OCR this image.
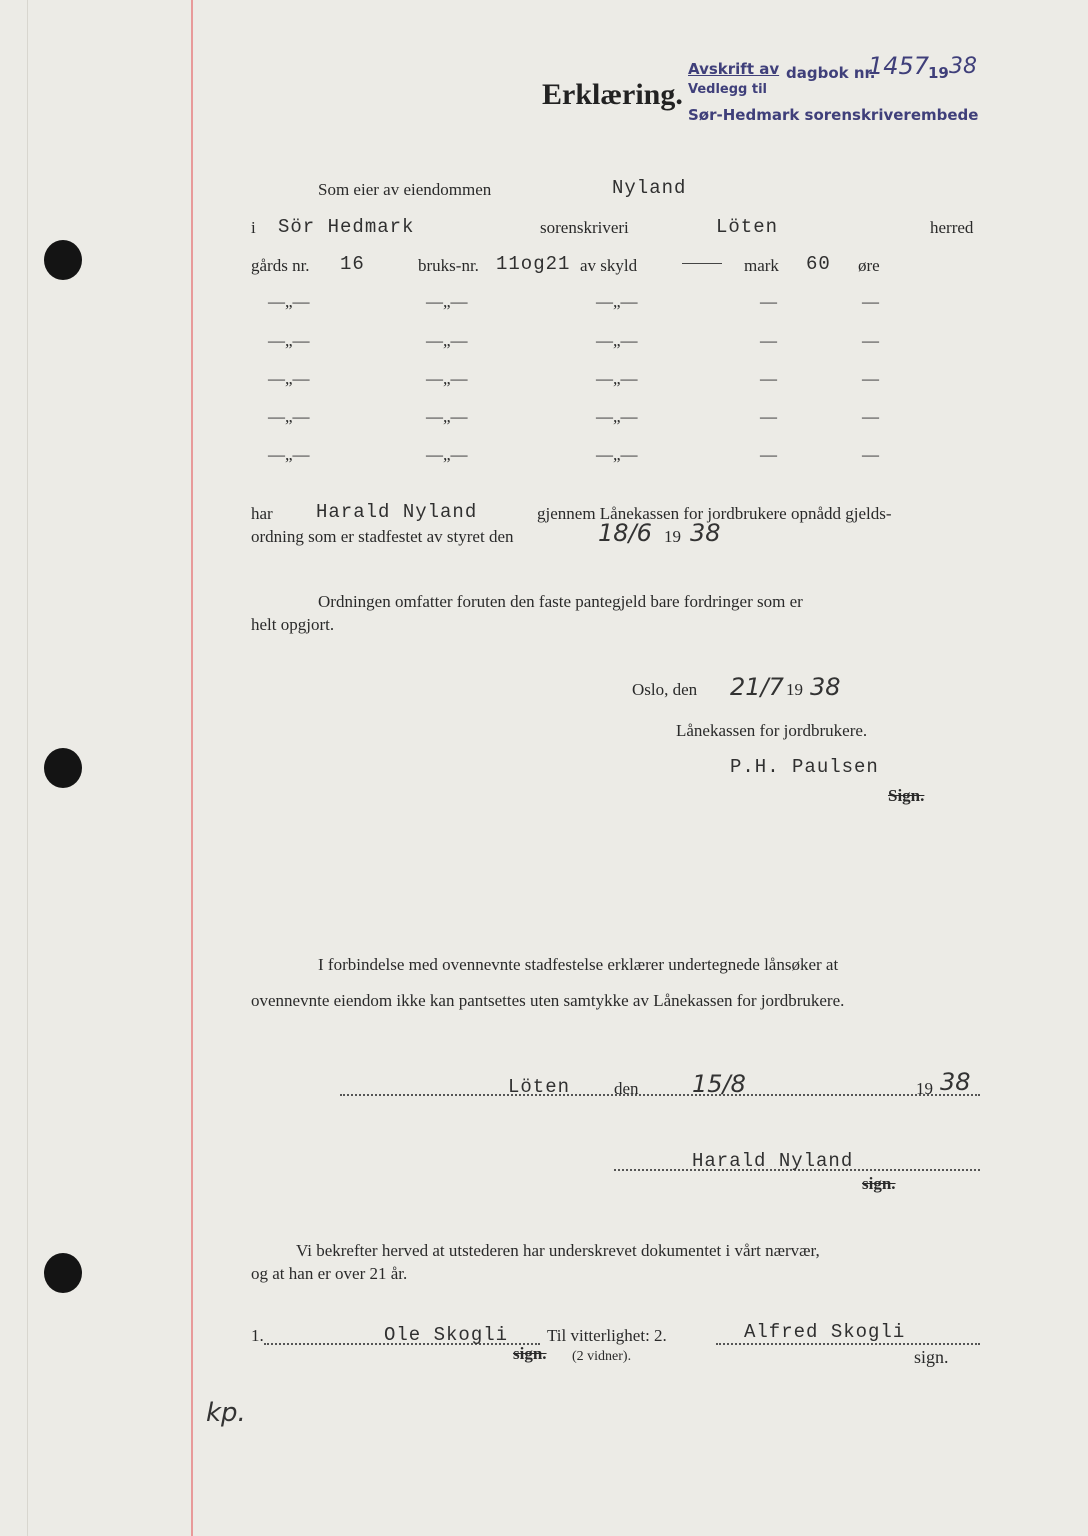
Erklæring.
Avskrift av dagbok nr.
1457
19 38
Vedlegg til
Sør-Hedmark sorenskriverembede
Som eier av eiendommen	Nyland
i Sör Hedmark	sorenskriveri	Löten	herred
gårds nr. 16	bruks-nr. 11og21 av skyld	mark 60 øre
—„—	—„—	—„—	—	—
—„—	—„—	—„—	—	—
—„—	—„—	—„—	—	—
—„—	—„—	—„—	—	—
—„—	—„—	—„—	—	—
har Harald Nyland	gjennem Lånekassen for jordbrukere opnådd gjelds-
ordning som er stadfestet av styret den	18/6 19 38
Ordningen omfatter foruten den faste pantegjeld bare fordringer som er
helt opgjort.
Oslo, den 21/7 19 38
Lånekassen for jordbrukere.
P.H. Paulsen
Sign.
I forbindelse med ovennevnte stadfestelse erklærer undertegnede lånsøker at
ovennevnte eiendom ikke kan pantsettes uten samtykke av Lånekassen for jordbrukere.
Löten	den 15/8	19 38
Harald Nyland
sign.
Vi bekrefter herved at utstederen har underskrevet dokumentet i vårt nærvær,
og at han er over 21 år.
1.	Ole Skogli
sign.
Til vitterlighet: 2.
(2 vidner).
Alfred Skogli
sign.
kp.
